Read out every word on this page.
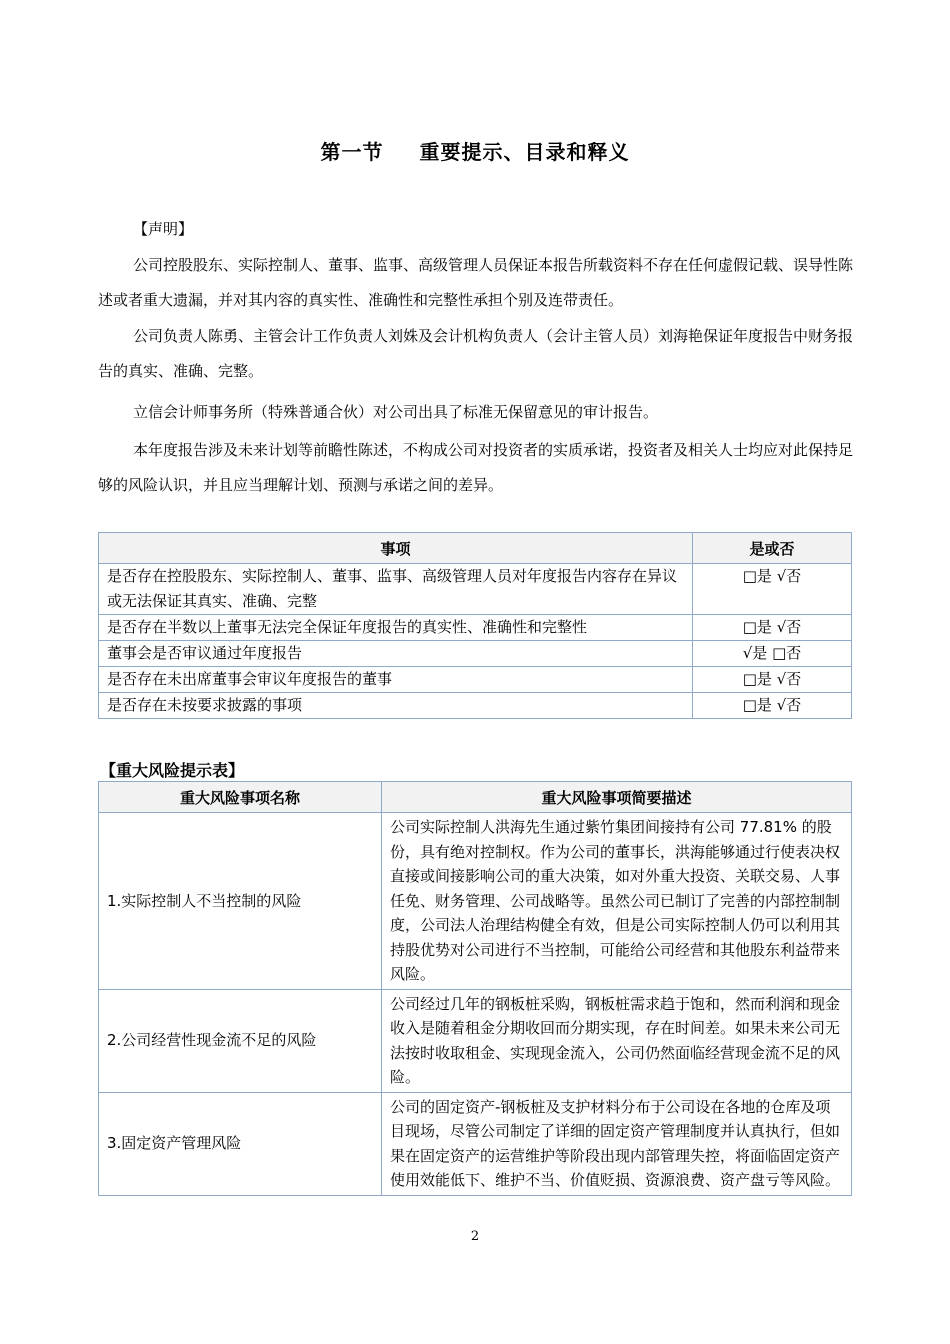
第一节 重要提示、目录和释义
【声明】

公司控股股东、实际控制人、董事、监事、高级管理人员保证本报告所载资料不存在任何虚假记载、误导性陈述或者重大遗漏，并对其内容的真实性、准确性和完整性承担个别及连带责任。

公司负责人陈勇、主管会计工作负责人刘姝及会计机构负责人（会计主管人员）刘海艳保证年度报告中财务报告的真实、准确、完整。

立信会计师事务所（特殊普通合伙）对公司出具了标准无保留意见的审计报告。

本年度报告涉及未来计划等前瞻性陈述，不构成公司对投资者的实质承诺，投资者及相关人士均应对此保持足够的风险认识，并且应当理解计划、预测与承诺之间的差异。

事项	是或否
是否存在控股股东、实际控制人、董事、监事、高级管理人员对年度报告内容存在异议或无法保证其真实、准确、完整	□是 √否
是否存在半数以上董事无法完全保证年度报告的真实性、准确性和完整性	□是 √否
董事会是否审议通过年度报告	√是 □否
是否存在未出席董事会审议年度报告的董事	□是 √否
是否存在未按要求披露的事项	□是 √否
【重大风险提示表】
重大风险事项名称	重大风险事项简要描述
1.实际控制人不当控制的风险	公司实际控制人洪海先生通过紫竹集团间接持有公司 77.81% 的股份，具有绝对控制权。作为公司的董事长，洪海能够通过行使表决权直接或间接影响公司的重大决策，如对外重大投资、关联交易、人事任免、财务管理、公司战略等。虽然公司已制订了完善的内部控制制度，公司法人治理结构健全有效，但是公司实际控制人仍可以利用其持股优势对公司进行不当控制，可能给公司经营和其他股东利益带来风险。
2.公司经营性现金流不足的风险	公司经过几年的钢板桩采购，钢板桩需求趋于饱和，然而利润和现金收入是随着租金分期收回而分期实现，存在时间差。如果未来公司无法按时收取租金、实现现金流入，公司仍然面临经营现金流不足的风险。
3.固定资产管理风险	公司的固定资产-钢板桩及支护材料分布于公司设在各地的仓库及项目现场，尽管公司制定了详细的固定资产管理制度并认真执行，但如果在固定资产的运营维护等阶段出现内部管理失控，将面临固定资产使用效能低下、维护不当、价值贬损、资源浪费、资产盘亏等风险。
2
